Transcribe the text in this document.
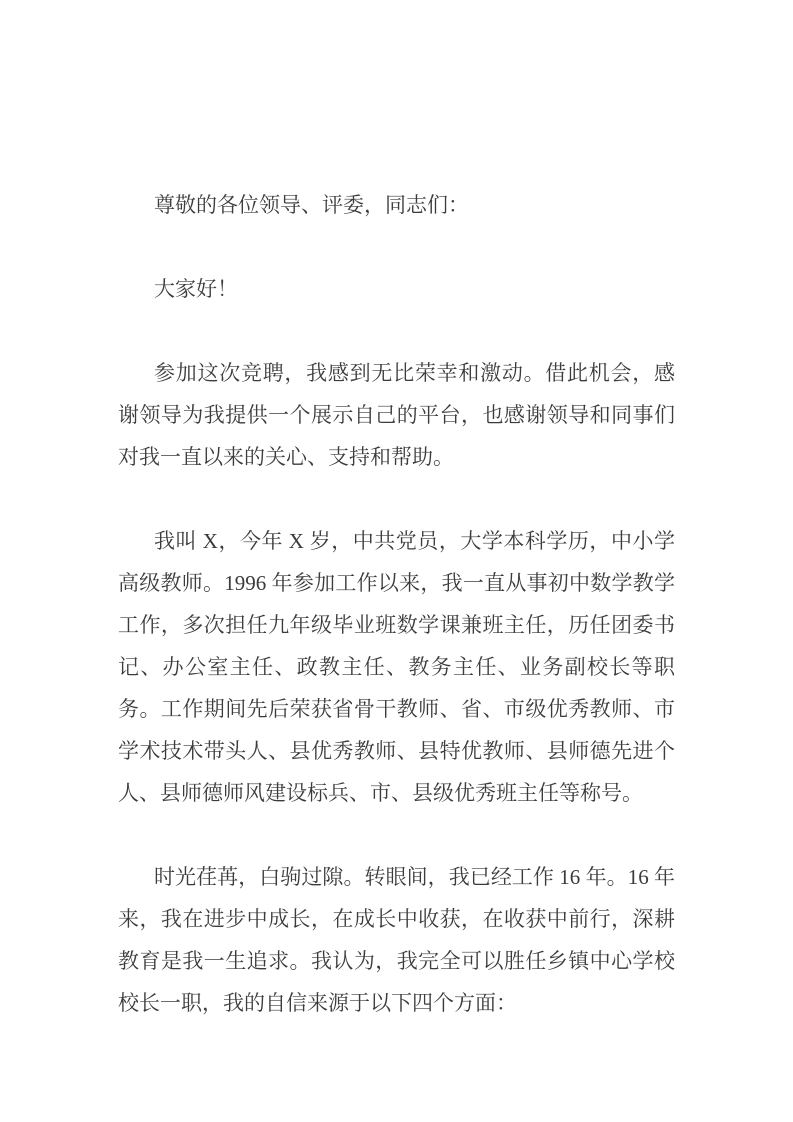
尊敬的各位领导、评委，同志们：

大家好！

参加这次竞聘，我感到无比荣幸和激动。借此机会，感谢领导为我提供一个展示自己的平台，也感谢领导和同事们对我一直以来的关心、支持和帮助。

我叫 X，今年 X 岁，中共党员，大学本科学历，中小学高级教师。1996 年参加工作以来，我一直从事初中数学教学工作，多次担任九年级毕业班数学课兼班主任，历任团委书记、办公室主任、政教主任、教务主任、业务副校长等职务。工作期间先后荣获省骨干教师、省、市级优秀教师、市学术技术带头人、县优秀教师、县特优教师、县师德先进个人、县师德师风建设标兵、市、县级优秀班主任等称号。

时光荏苒，白驹过隙。转眼间，我已经工作 16 年。16 年来，我在进步中成长，在成长中收获，在收获中前行，深耕教育是我一生追求。我认为，我完全可以胜任乡镇中心学校校长一职，我的自信来源于以下四个方面：
